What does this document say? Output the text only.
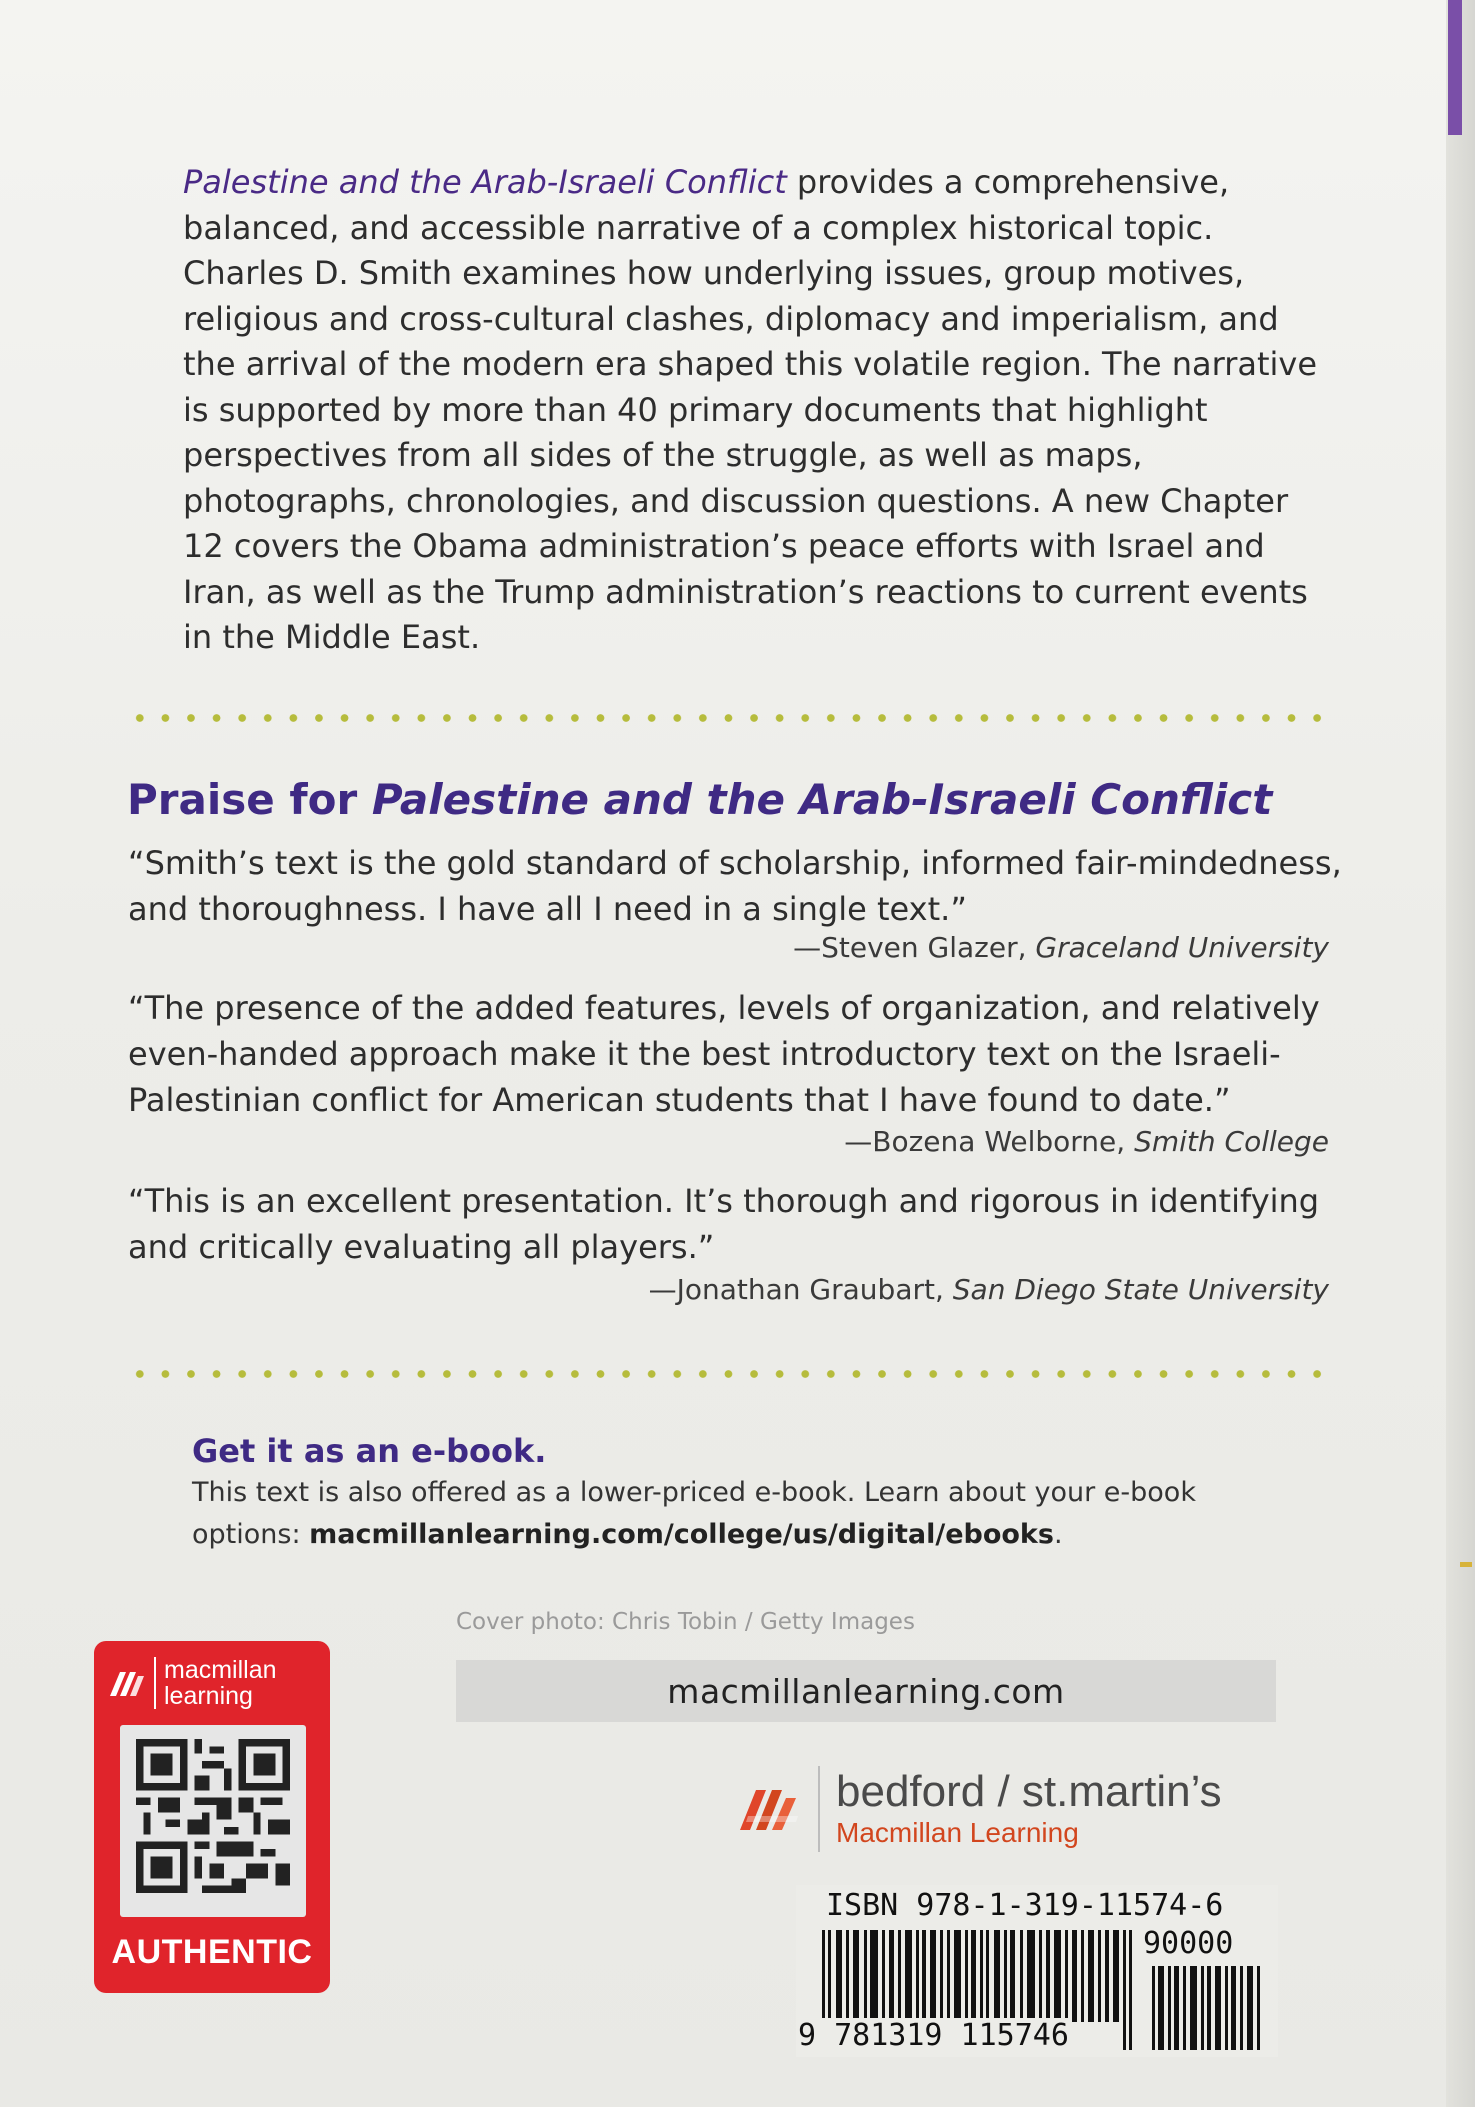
Palestine and the Arab-Israeli Conflict provides a comprehensive, balanced, and accessible narrative of a complex historical topic. Charles D. Smith examines how underlying issues, group motives, religious and cross-cultural clashes, diplomacy and imperialism, and the arrival of the modern era shaped this volatile region. The narrative is supported by more than 40 primary documents that highlight perspectives from all sides of the struggle, as well as maps, photographs, chronologies, and discussion questions. A new Chapter 12 covers the Obama administration’s peace efforts with Israel and Iran, as well as the Trump administration’s reactions to current events in the Middle East.

Praise for Palestine and the Arab-Israeli Conflict

“Smith’s text is the gold standard of scholarship, informed fair-mindedness, and thoroughness. I have all I need in a single text.”

—Steven Glazer, Graceland University

“The presence of the added features, levels of organization, and relatively even-handed approach make it the best introductory text on the Israeli-Palestinian conflict for American students that I have found to date.”

—Bozena Welborne, Smith College

“This is an excellent presentation. It’s thorough and rigorous in identifying and critically evaluating all players.”

—Jonathan Graubart, San Diego State University
Get it as an e-book.

This text is also offered as a lower-priced e-book. Learn about your e-book options: macmillanlearning.com/college/us/digital/ebooks.

Cover photo: Chris Tobin / Getty Images
macmillanlearning.com
macmillan
learning
AUTHENTIC
bedford / st.martin’s
Macmillan Learning
ISBN 978-1-319-11574-6
90000
9 781319 115746
